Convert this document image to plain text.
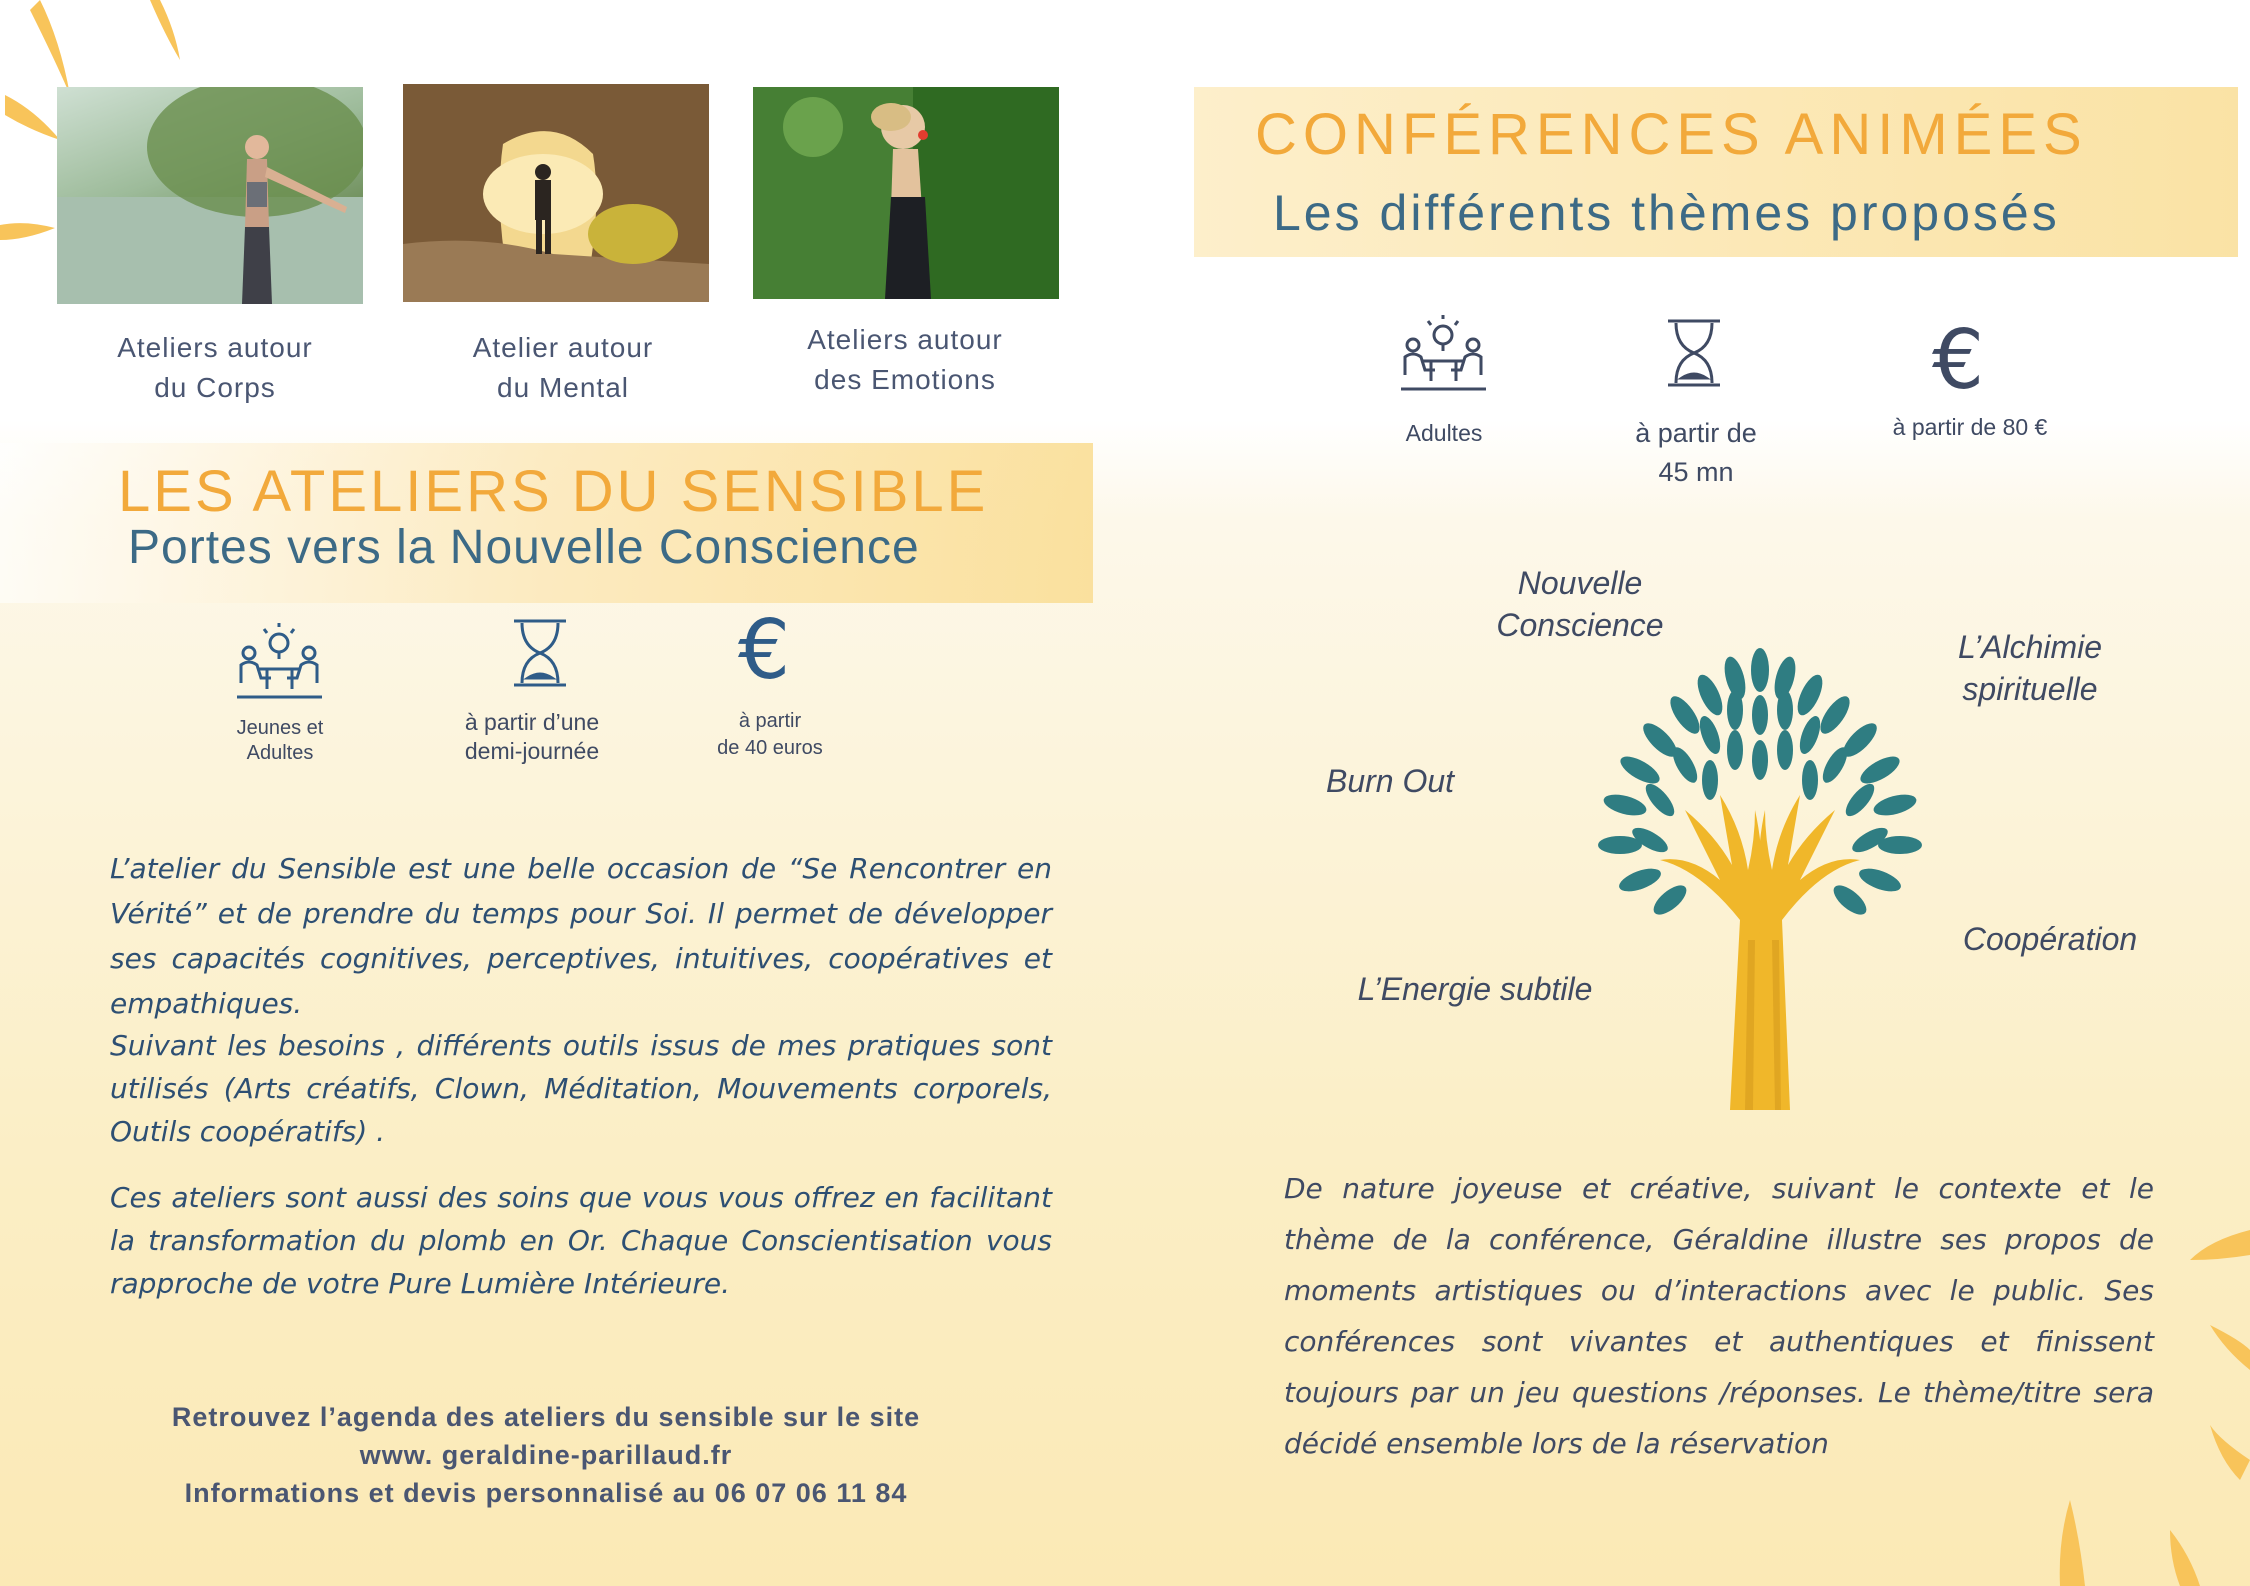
Ateliers autour
du Corps
Atelier autour
du Mental
Ateliers autour
des Emotions
LES ATELIERS DU SENSIBLE
Portes vers la Nouvelle Conscience
€
Jeunes et
Adultes
à partir d’une
demi-journée
à partir
de 40 euros
L’atelier du Sensible est une belle occasion de “Se Rencontrer en Vérité” et de prendre du temps pour Soi. Il permet de développer ses capacités cognitives, perceptives, intuitives, coopératives et empathiques.
Suivant les besoins , différents outils issus de mes pratiques sont utilisés (Arts créatifs, Clown, Méditation, Mouvements corporels, Outils coopératifs) .
Ces ateliers sont aussi des soins que vous vous offrez en facilitant la transformation du plomb en Or. Chaque Conscientisation vous rapproche de votre Pure Lumière Intérieure.
Retrouvez l’agenda des ateliers du sensible sur le site
www. geraldine-parillaud.fr
Informations et devis personnalisé au 06 07 06 11 84
CONFÉRENCES ANIMÉES
Les différents thèmes proposés
€
Adultes	à partir de
45 mn
à partir de 80 €
Nouvelle
Conscience
L’Alchimie
spirituelle
Burn Out
Coopération
L’Energie subtile
De nature joyeuse et créative, suivant le contexte et le thème de la conférence, Géraldine illustre ses propos de moments artistiques ou d’interactions avec le public. Ses conférences sont vivantes et authentiques et finissent toujours par un jeu questions /réponses. Le thème/titre sera décidé ensemble lors de la réservation
